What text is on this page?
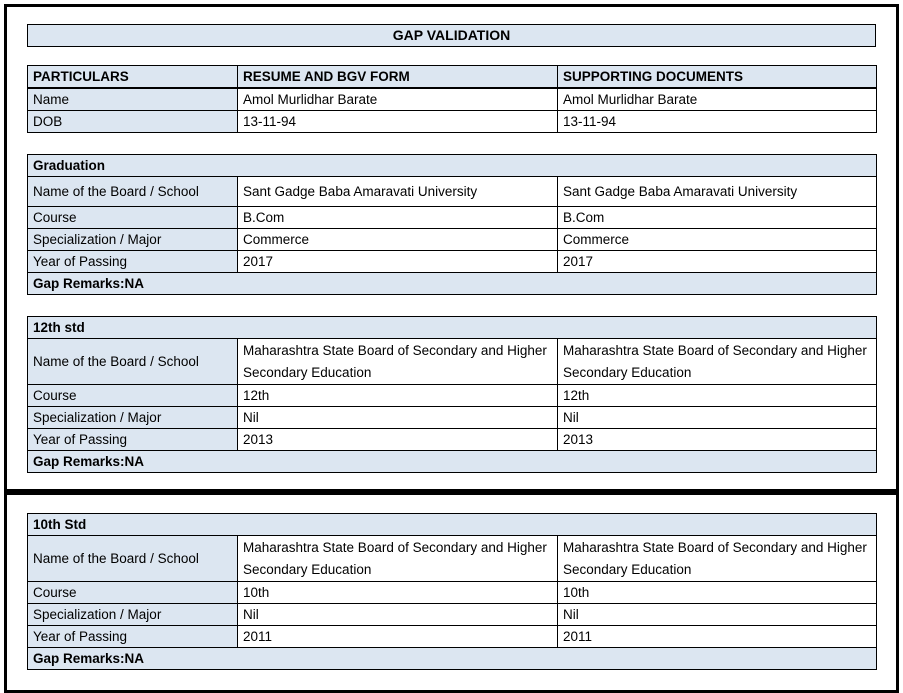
GAP VALIDATION
PARTICULARS	RESUME AND BGV FORM	SUPPORTING DOCUMENTS
Name	Amol Murlidhar Barate	Amol Murlidhar Barate
DOB	13-11-94	13-11-94
Graduation		
Name of the Board / School	Sant Gadge Baba Amaravati University	Sant Gadge Baba Amaravati University
Course	B.Com	B.Com
Specialization / Major	Commerce	Commerce
Year of Passing	2017	2017
Gap Remarks:NA		
12th std		
Name of the Board / School	Maharashtra State Board of Secondary and Higher Secondary Education	Maharashtra State Board of Secondary and Higher Secondary Education
Course	12th	12th
Specialization / Major	Nil	Nil
Year of Passing	2013	2013
Gap Remarks:NA		
10th Std		
Name of the Board / School	Maharashtra State Board of Secondary and Higher Secondary Education	Maharashtra State Board of Secondary and Higher Secondary Education
Course	10th	10th
Specialization / Major	Nil	Nil
Year of Passing	2011	2011
Gap Remarks:NA		
